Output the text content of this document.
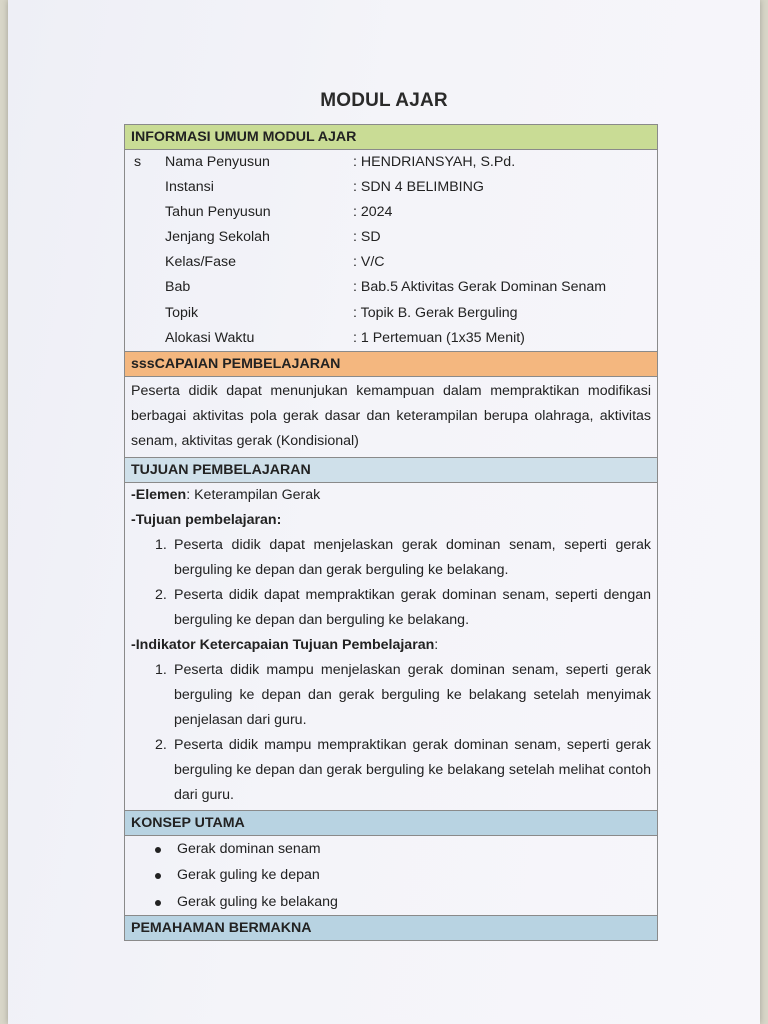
MODUL AJAR
INFORMASI UMUM MODUL AJAR
s Nama Penyusun	: HENDRIANSYAH, S.Pd.
Instansi	: SDN 4 BELIMBING
Tahun Penyusun	: 2024
Jenjang Sekolah	: SD
Kelas/Fase	: V/C
Bab	: Bab.5 Aktivitas Gerak Dominan Senam
Topik	: Topik B. Gerak Berguling
Alokasi Waktu	: 1 Pertemuan (1x35 Menit)
sssCAPAIAN PEMBELAJARAN
Peserta didik dapat menunjukan kemampuan dalam mempraktikan modifikasi berbagai aktivitas pola gerak dasar dan keterampilan berupa olahraga, aktivitas senam, aktivitas gerak (Kondisional)
TUJUAN PEMBELAJARAN
-Elemen: Keterampilan Gerak
-Tujuan pembelajaran:
1. Peserta didik dapat menjelaskan gerak dominan senam, seperti gerak berguling ke depan dan gerak berguling ke belakang.
2. Peserta didik dapat mempraktikan gerak dominan senam, seperti dengan berguling ke depan dan berguling ke belakang.
-Indikator Ketercapaian Tujuan Pembelajaran:
1. Peserta didik mampu menjelaskan gerak dominan senam, seperti gerak berguling ke depan dan gerak berguling ke belakang setelah menyimak penjelasan dari guru.
2. Peserta didik mampu mempraktikan gerak dominan senam, seperti gerak berguling ke depan dan gerak berguling ke belakang setelah melihat contoh dari guru.
KONSEP UTAMA
Gerak dominan senam
Gerak guling ke depan
Gerak guling ke belakang
PEMAHAMAN BERMAKNA
